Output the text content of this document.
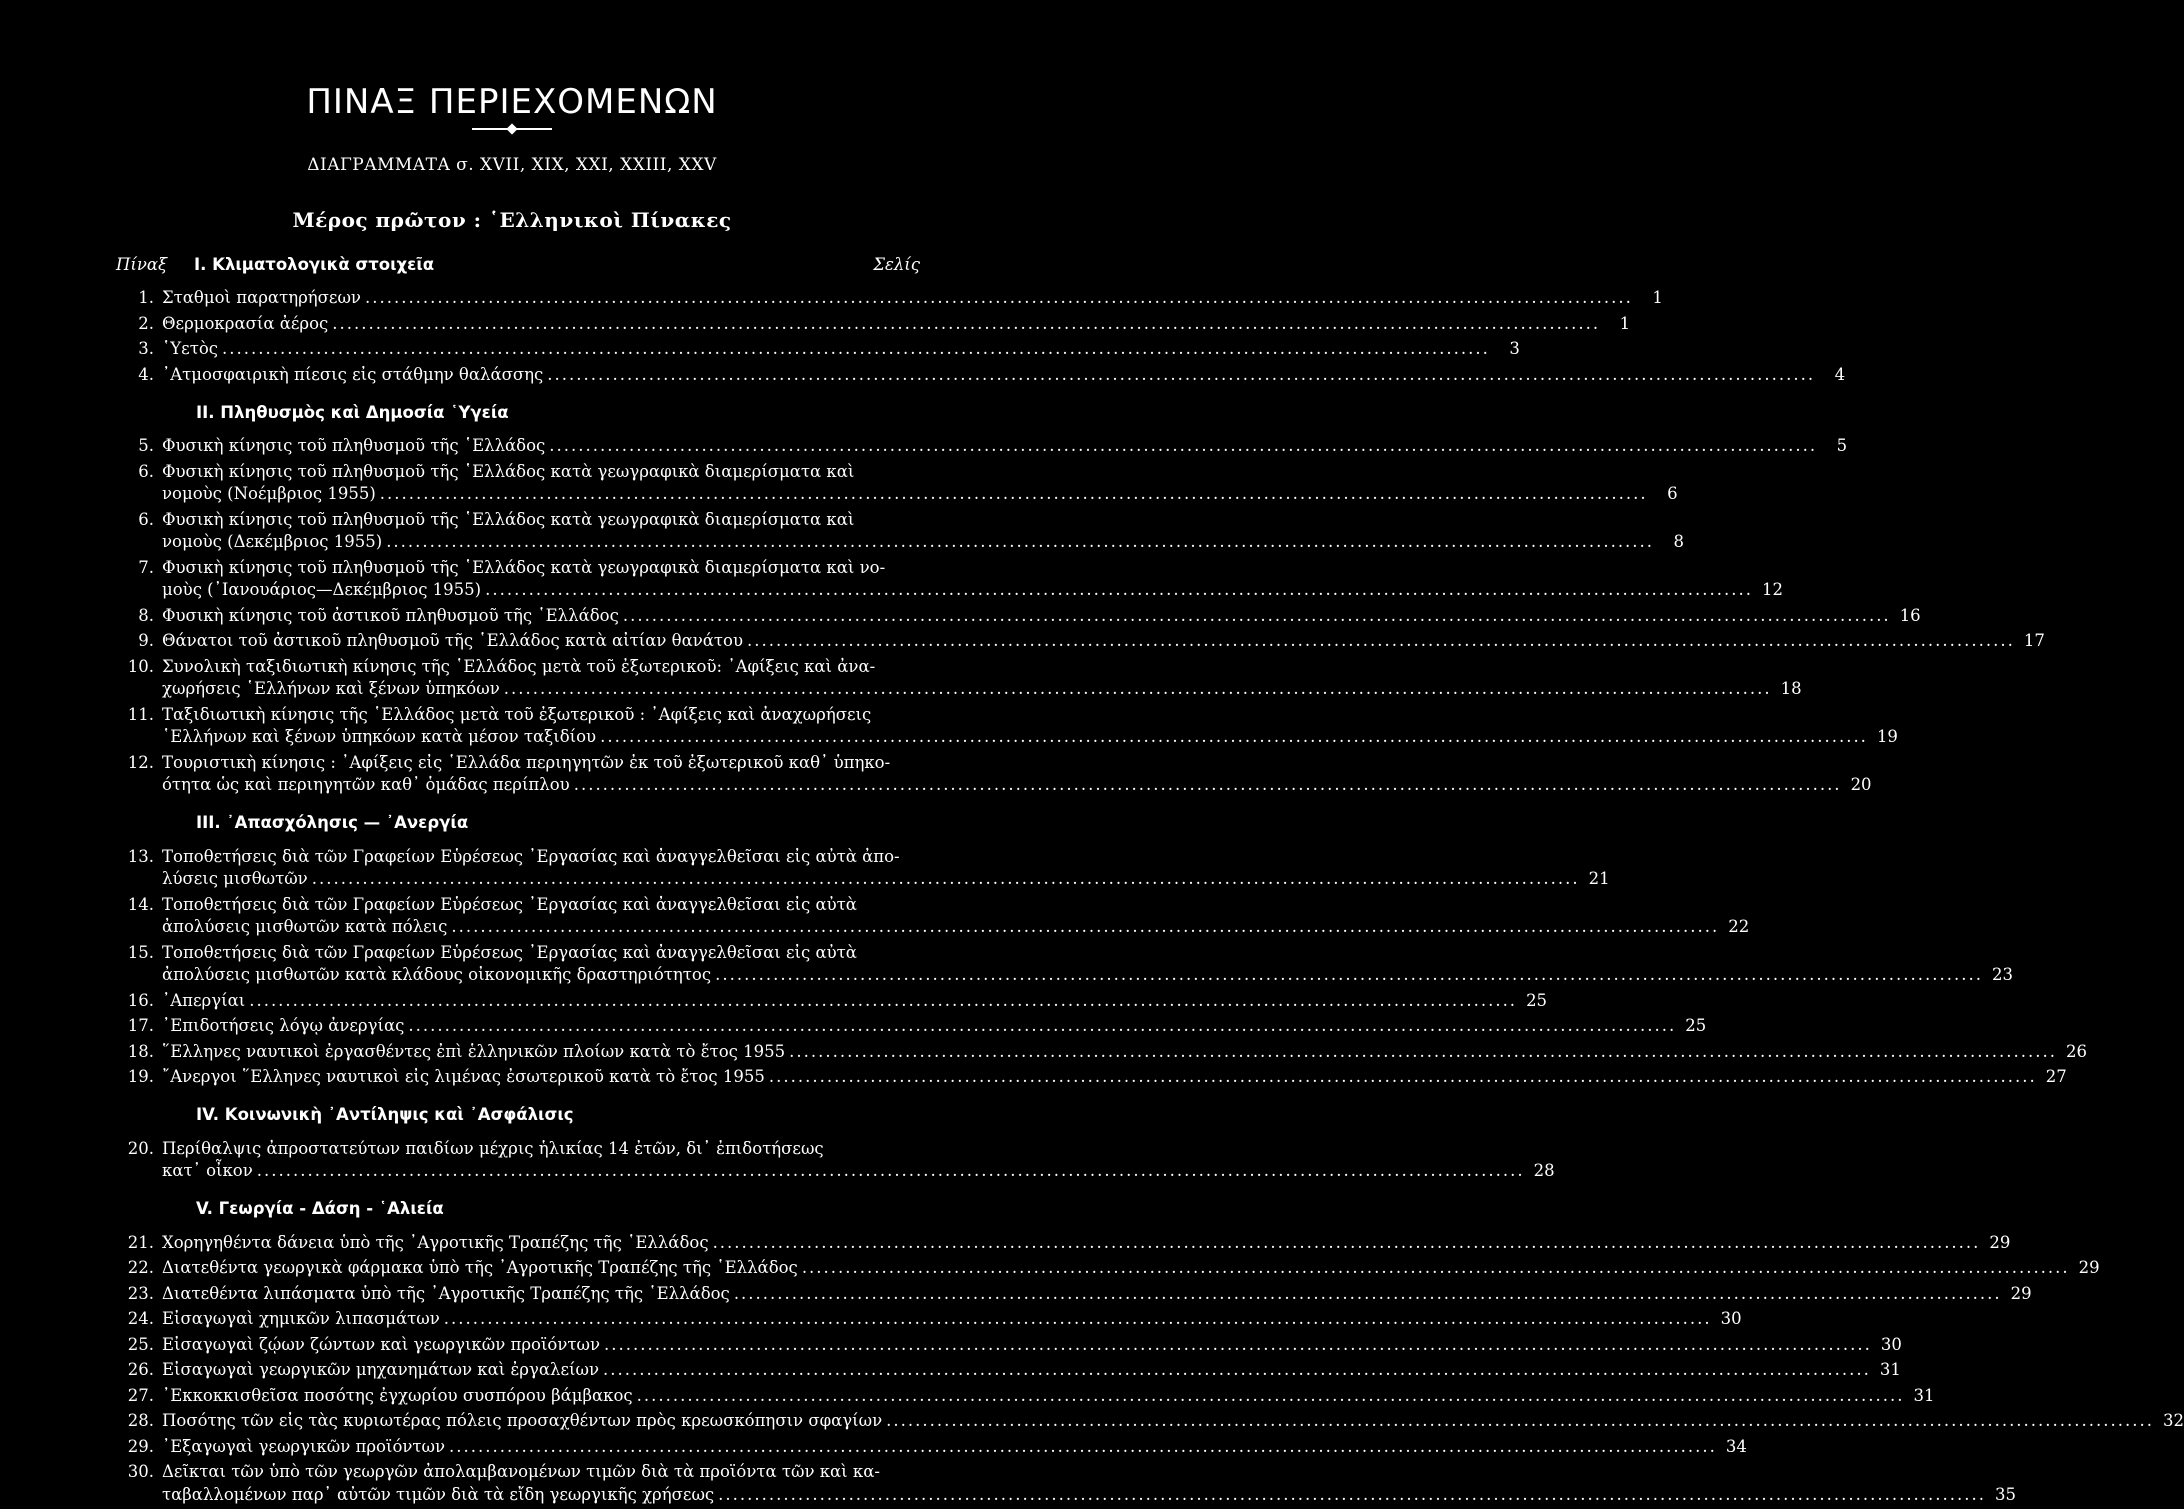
ΠΙΝΑΞ ΠΕΡΙΕΧΟΜΕΝΩΝ
ΔΙΑΓΡΑΜΜΑΤΑ σ. XVII, XIX, XXI, XXIII, XXV
Μέρος πρῶτον : ῾Ελληνικοὶ Πίνακες
Πίναξ	I. Κλιματολογικὰ στοιχεῖα	Σελίς
1. Σταθμοὶ παρατηρήσεων .....	1
2. Θερμοκρασία ἀέρος .....	1
3. ῾Υετὸς .....	3
4. ᾿Ατμοσφαιρικὴ πίεσις εἰς στάθμην θαλάσσης .....	4
II. Πληθυσμὸς καὶ Δημοσία ῾Υγεία
5. Φυσικὴ κίνησις τοῦ πληθυσμοῦ τῆς ῾Ελλάδος .....	5
6. Φυσικὴ κίνησις τοῦ πληθυσμοῦ τῆς ῾Ελλάδος κατὰ γεωγραφικὰ διαμερίσματα καὶ
νομοὺς (Νοέμβριος 1955) .....	6
6. Φυσικὴ κίνησις τοῦ πληθυσμοῦ τῆς ῾Ελλάδος κατὰ γεωγραφικὰ διαμερίσματα καὶ
νομοὺς (Δεκέμβριος 1955) .....	8
7. Φυσικὴ κίνησις τοῦ πληθυσμοῦ τῆς ῾Ελλάδος κατὰ γεωγραφικὰ διαμερίσματα καὶ νο-
μοὺς (᾿Ιανουάριος—Δεκέμβριος 1955) .....	12
8. Φυσικὴ κίνησις τοῦ ἀστικοῦ πληθυσμοῦ τῆς ῾Ελλάδος .....	16
9. Θάνατοι τοῦ ἀστικοῦ πληθυσμοῦ τῆς ῾Ελλάδος κατὰ αἰτίαν θανάτου .....	17
10. Συνολικὴ ταξιδιωτικὴ κίνησις τῆς ῾Ελλάδος μετὰ τοῦ ἐξωτερικοῦ: ᾿Αφίξεις καὶ ἀνα-
χωρήσεις ῾Ελλήνων καὶ ξένων ὑπηκόων .....	18
11. Ταξιδιωτικὴ κίνησις τῆς ῾Ελλάδος μετὰ τοῦ ἐξωτερικοῦ : ᾿Αφίξεις καὶ ἀναχωρήσεις
῾Ελλήνων καὶ ξένων ὑπηκόων κατὰ μέσον ταξιδίου .....	19
12. Τουριστικὴ κίνησις : ᾿Αφίξεις εἰς ῾Ελλάδα περιηγητῶν ἐκ τοῦ ἐξωτερικοῦ καθ᾿ ὑπηκο-
ότητα ὡς καὶ περιηγητῶν καθ᾿ ὁμάδας περίπλου .....	20
III. ᾿Απασχόλησις — ᾿Ανεργία
13. Τοποθετήσεις διὰ τῶν Γραφείων Εὑρέσεως ᾿Εργασίας καὶ ἀναγγελθεῖσαι εἰς αὐτὰ ἀπο-
λύσεις μισθωτῶν .....	21
14. Τοποθετήσεις διὰ τῶν Γραφείων Εὑρέσεως ᾿Εργασίας καὶ ἀναγγελθεῖσαι εἰς αὐτὰ
ἀπολύσεις μισθωτῶν κατὰ πόλεις .....	22
15. Τοποθετήσεις διὰ τῶν Γραφείων Εὑρέσεως ᾿Εργασίας καὶ ἀναγγελθεῖσαι εἰς αὐτὰ
ἀπολύσεις μισθωτῶν κατὰ κλάδους οἰκονομικῆς δραστηριότητος .....	23
16. ᾿Απεργίαι .....	25
17. ᾿Επιδοτήσεις λόγῳ ἀνεργίας .....	25
18. ῞Ελληνες ναυτικοὶ ἐργασθέντες ἐπὶ ἑλληνικῶν πλοίων κατὰ τὸ ἔτος 1955 .....	26
19. ῎Ανεργοι ῞Ελληνες ναυτικοὶ εἰς λιμένας ἐσωτερικοῦ κατὰ τὸ ἔτος 1955 .....	27
IV. Κοινωνικὴ ᾿Αντίληψις καὶ ᾿Ασφάλισις
20. Περίθαλψις ἀπροστατεύτων παιδίων μέχρις ἡλικίας 14 ἐτῶν, δι᾿ ἐπιδοτήσεως
κατ᾿ οἶκον .....	28
V. Γεωργία - Δάση - ῾Αλιεία
21. Χορηγηθέντα δάνεια ὑπὸ τῆς ᾿Αγροτικῆς Τραπέζης τῆς ῾Ελλάδος .....	29
22. Διατεθέντα γεωργικὰ φάρμακα ὑπὸ τῆς ᾿Αγροτικῆς Τραπέζης τῆς ῾Ελλάδος .....	29
23. Διατεθέντα λιπάσματα ὑπὸ τῆς ᾿Αγροτικῆς Τραπέζης τῆς ῾Ελλάδος .....	29
24. Εἰσαγωγαὶ χημικῶν λιπασμάτων .....	30
25. Εἰσαγωγαὶ ζῴων ζώντων καὶ γεωργικῶν προϊόντων .....	30
26. Εἰσαγωγαὶ γεωργικῶν μηχανημάτων καὶ ἐργαλείων .....	31
27. ᾿Εκκοκκισθεῖσα ποσότης ἐγχωρίου συσπόρου βάμβακος .....	31
28. Ποσότης τῶν εἰς τὰς κυριωτέρας πόλεις προσαχθέντων πρὸς κρεωσκόπησιν σφαγίων .....	32
29. ᾿Εξαγωγαὶ γεωργικῶν προϊόντων .....	34
30. Δεῖκται τῶν ὑπὸ τῶν γεωργῶν ἀπολαμβανομένων τιμῶν διὰ τὰ προϊόντα τῶν καὶ κα-
ταβαλλομένων παρ᾿ αὐτῶν τιμῶν διὰ τὰ εἴδη γεωργικῆς χρήσεως .....	35
